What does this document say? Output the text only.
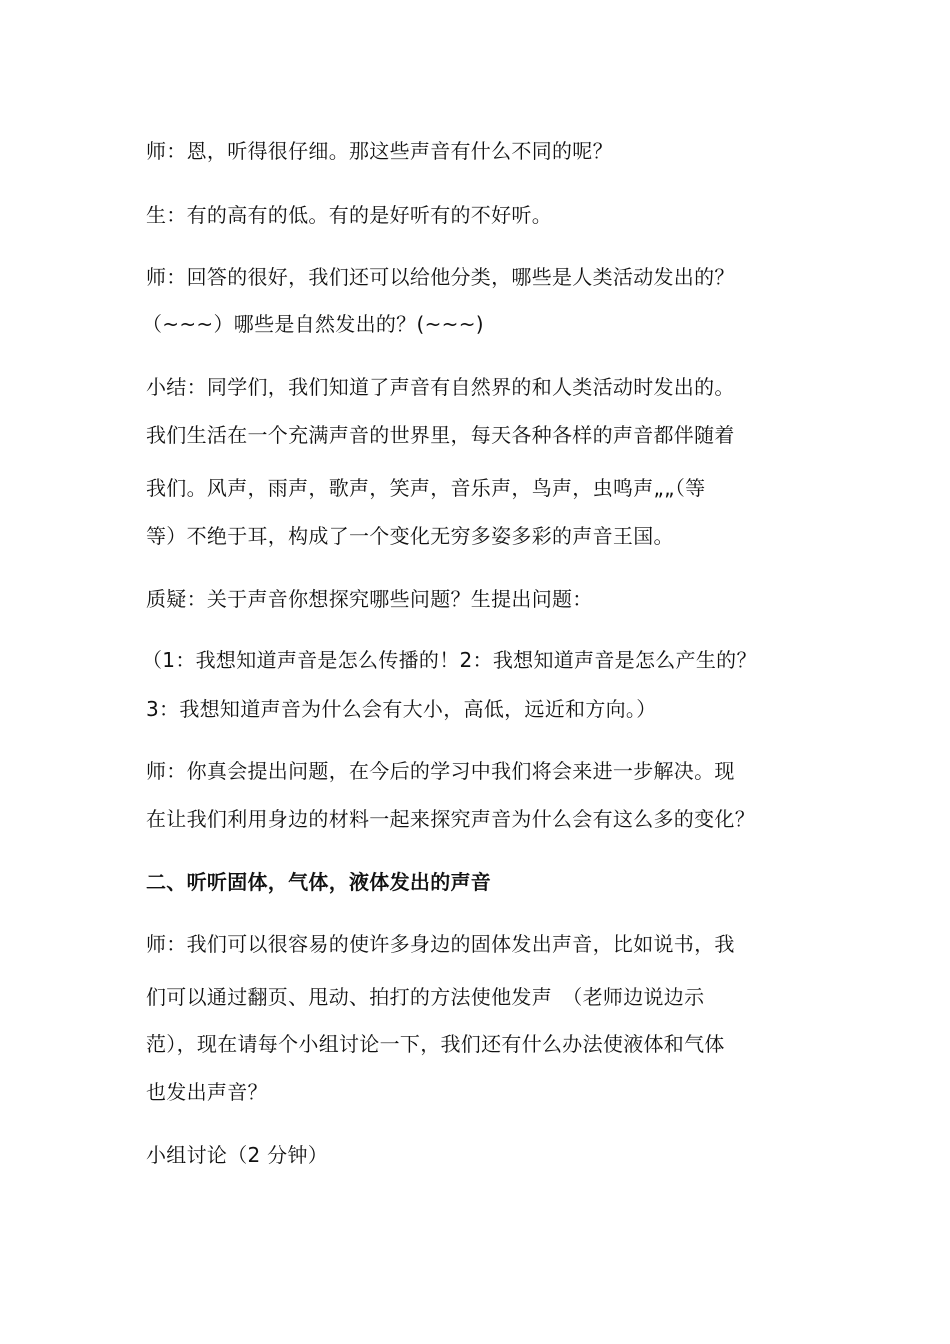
师：恩，听得很仔细。那这些声音有什么不同的呢？
生：有的高有的低。有的是好听有的不好听。
师：回答的很好，我们还可以给他分类，哪些是人类活动发出的？
（~~~）哪些是自然发出的？(~~~)
小结：同学们，我们知道了声音有自然界的和人类活动时发出的。
我们生活在一个充满声音的世界里，每天各种各样的声音都伴随着
我们。风声，雨声，歌声，笑声，音乐声，鸟声，虫鸣声„„（等
等）不绝于耳，构成了一个变化无穷多姿多彩的声音王国。
质疑：关于声音你想探究哪些问题？生提出问题：
（1：我想知道声音是怎么传播的！2：我想知道声音是怎么产生的？
3：我想知道声音为什么会有大小，高低，远近和方向。）
师：你真会提出问题，在今后的学习中我们将会来进一步解决。现
在让我们利用身边的材料一起来探究声音为什么会有这么多的变化？
二、听听固体，气体，液体发出的声音
师：我们可以很容易的使许多身边的固体发出声音，比如说书，我
们可以通过翻页、甩动、拍打的方法使他发声　（老师边说边示
范），现在请每个小组讨论一下，我们还有什么办法使液体和气体
也发出声音？
小组讨论（2 分钟）
